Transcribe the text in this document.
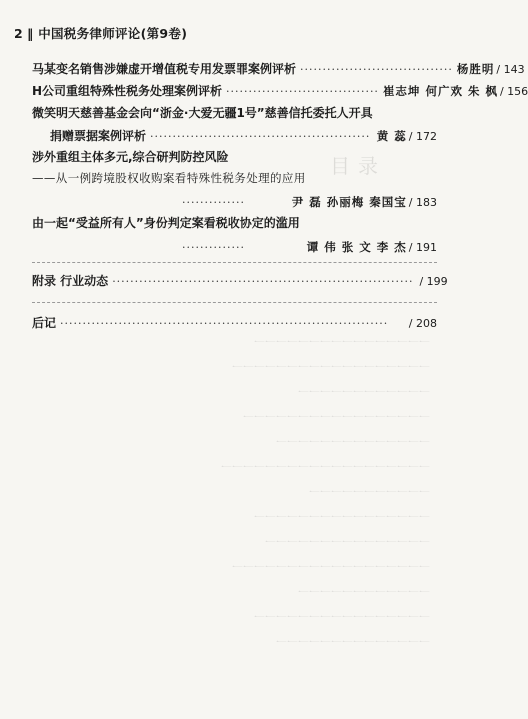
目录
一一一一一一一一一一一一一一一一
一一一一一一一一一一一一一一一一一一
一一一一一一一一一一一一
一一一一一一一一一一一一一一一一一
一一一一一一一一一一一一一一
一一一一一一一一一一一一一一一一一一一
一一一一一一一一一一一
一一一一一一一一一一一一一一一一
一一一一一一一一一一一一一一一
一一一一一一一一一一一一一一一一一一
一一一一一一一一一一一一
一一一一一一一一一一一一一一一一
一一一一一一一一一一一一一一
2 ‖ 中国税务律师评论(第9卷)
马某变名销售涉嫌虚开增值税专用发票罪案例评析 ·································· 杨胜明 / 143
H公司重组特殊性税务处理案例评析 ·································· 崔志坤 何广欢 朱 枫 / 156
微笑明天慈善基金会向“浙金·大爱无疆1号”慈善信托委托人开具
捐赠票据案例评析 ················································· 黄 蕊 / 172
涉外重组主体多元,综合研判防控风险
——从一例跨境股权收购案看特殊性税务处理的应用
··············	尹 磊 孙丽梅 秦国宝 / 183
由一起“受益所有人”身份判定案看税收协定的滥用
··············	谭 伟 张 文 李 杰 / 191
附录 行业动态 ··································································· / 199
后记 ·········································································	/ 208
